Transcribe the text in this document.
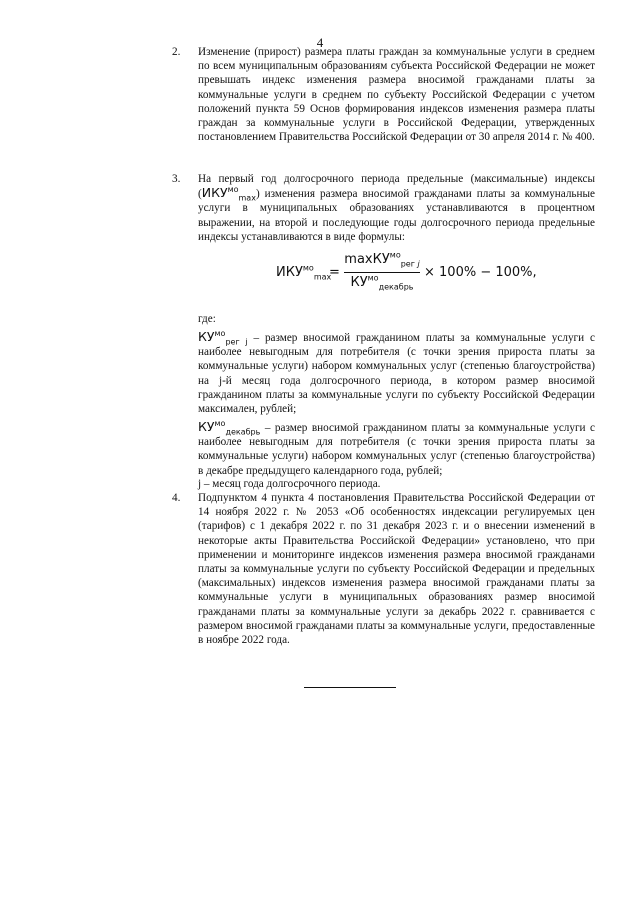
4
2. Изменение (прирост) размера платы граждан за коммунальные услуги в среднем по всем муниципальным образованиям субъекта Российской Федерации не может превышать индекс изменения размера вносимой гражданами платы за коммунальные услуги в среднем по субъекту Российской Федерации с учетом положений пункта 59 Основ формирования индексов изменения размера платы граждан за коммунальные услуги в Российской Федерации, утвержденных постановлением Правительства Российской Федерации от 30 апреля 2014 г. № 400.
3. На первый год долгосрочного периода предельные (максимальные) индексы $(ИКУ^{мо}_{max})$ изменения размера вносимой гражданами платы за коммунальные услуги в муниципальных образованиях устанавливаются в процентном выражении, на второй и последующие годы долгосрочного периода предельные индексы устанавливаются в виде формулы:
$ИКУ^{мо}_{max}$
=
maxКУ$^{мо}_{рег j}$
$КУ^{мо}_{декабрь}$
× 100% − 100%,
где:
$КУ^{мо}_{рег j}$ – размер вносимой гражданином платы за коммунальные услуги с наиболее невыгодным для потребителя (с точки зрения прироста платы за коммунальные услуги) набором коммунальных услуг (степенью благоустройства) на j-й месяц года долгосрочного периода, в котором размер вносимой гражданином платы за коммунальные услуги по субъекту Российской Федерации максимален, рублей;
$КУ^{мо}_{декабрь}$ – размер вносимой гражданином платы за коммунальные услуги с наиболее невыгодным для потребителя (с точки зрения прироста платы за коммунальные услуги) набором коммунальных услуг (степенью благоустройства) в декабре предыдущего календарного года, рублей;
j – месяц года долгосрочного периода.
4. Подпунктом 4 пункта 4 постановления Правительства Российской Федерации от 14 ноября 2022 г. № 2053 «Об особенностях индексации регулируемых цен (тарифов) с 1 декабря 2022 г. по 31 декабря 2023 г. и о внесении изменений в некоторые акты Правительства Российской Федерации» установлено, что при применении и мониторинге индексов изменения размера вносимой гражданами платы за коммунальные услуги по субъекту Российской Федерации и предельных (максимальных) индексов изменения размера вносимой гражданами платы за коммунальные услуги в муниципальных образованиях размер вносимой гражданами платы за коммунальные услуги за декабрь 2022 г. сравнивается с размером вносимой гражданами платы за коммунальные услуги, предоставленные в ноябре 2022 года.
